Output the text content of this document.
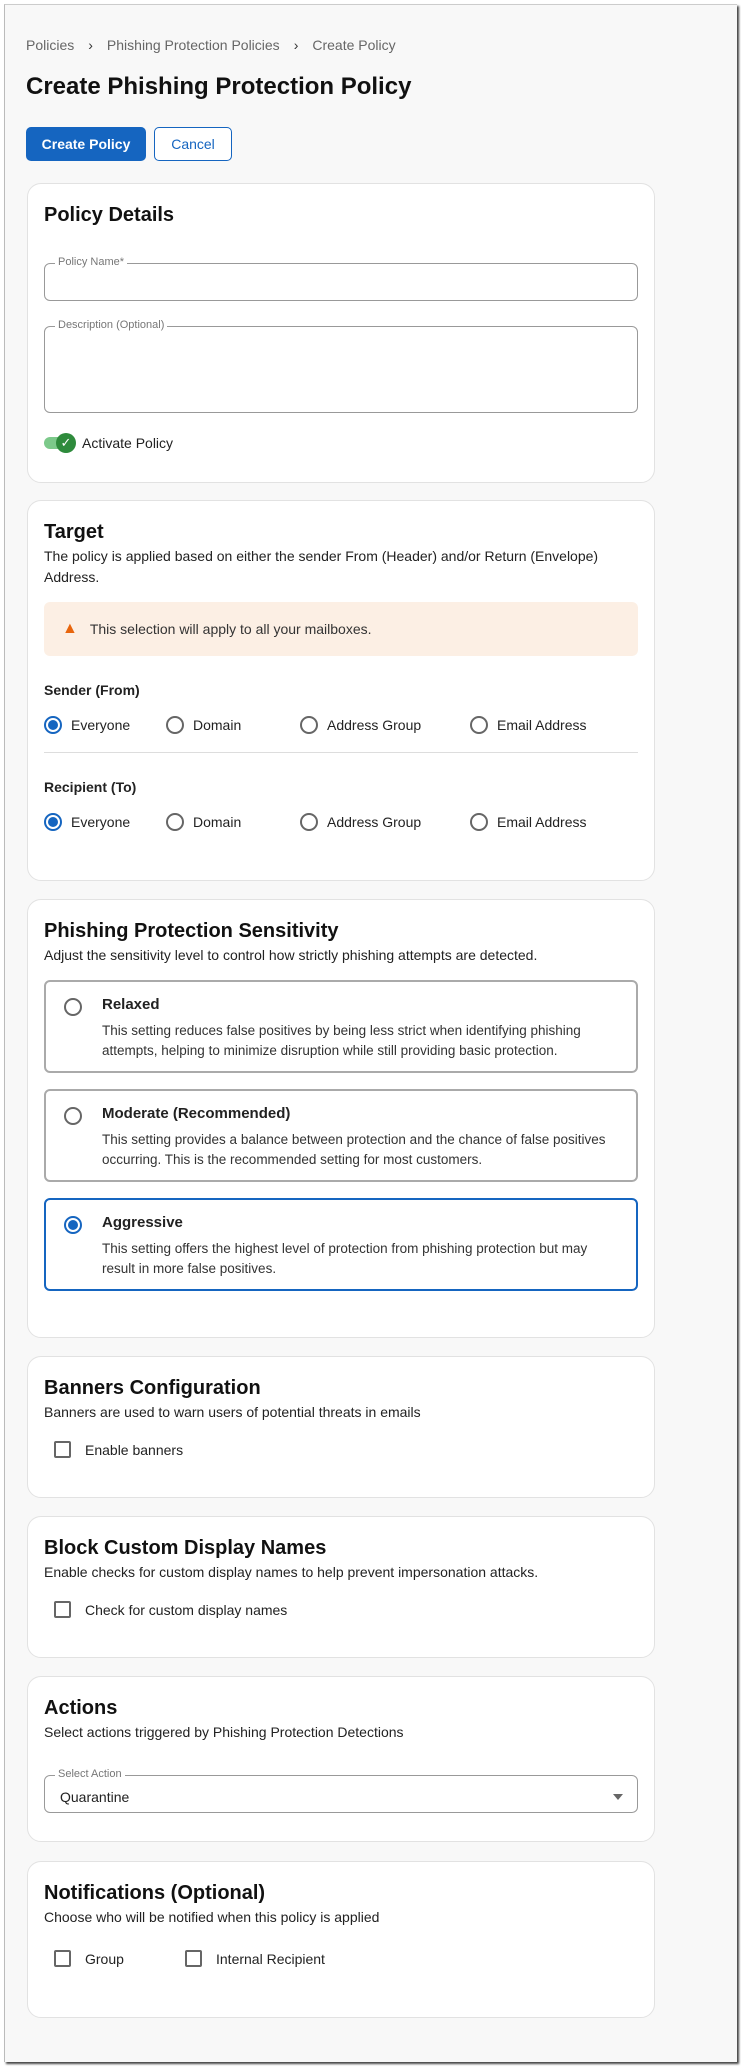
Policies › Phishing Protection Policies › Create Policy
Create Phishing Protection Policy
Create Policy	Cancel
Policy Details
Policy Name*
Description (Optional)
✓ Activate Policy
Target
The policy is applied based on either the sender From (Header) and/or Return (Envelope) Address.
▲ This selection will apply to all your mailboxes.
Sender (From)
Everyone	Domain	Address Group	Email Address
Recipient (To)
Everyone	Domain	Address Group	Email Address
Phishing Protection Sensitivity
Adjust the sensitivity level to control how strictly phishing attempts are detected.
Relaxed
This setting reduces false positives by being less strict when identifying phishing attempts, helping to minimize disruption while still providing basic protection.
Moderate (Recommended)
This setting provides a balance between protection and the chance of false positives occurring. This is the recommended setting for most customers.
Aggressive
This setting offers the highest level of protection from phishing protection but may result in more false positives.
Banners Configuration
Banners are used to warn users of potential threats in emails
Enable banners
Block Custom Display Names
Enable checks for custom display names to help prevent impersonation attacks.
Check for custom display names
Actions
Select actions triggered by Phishing Protection Detections
Select Action
Quarantine
Notifications (Optional)
Choose who will be notified when this policy is applied
Group	Internal Recipient
